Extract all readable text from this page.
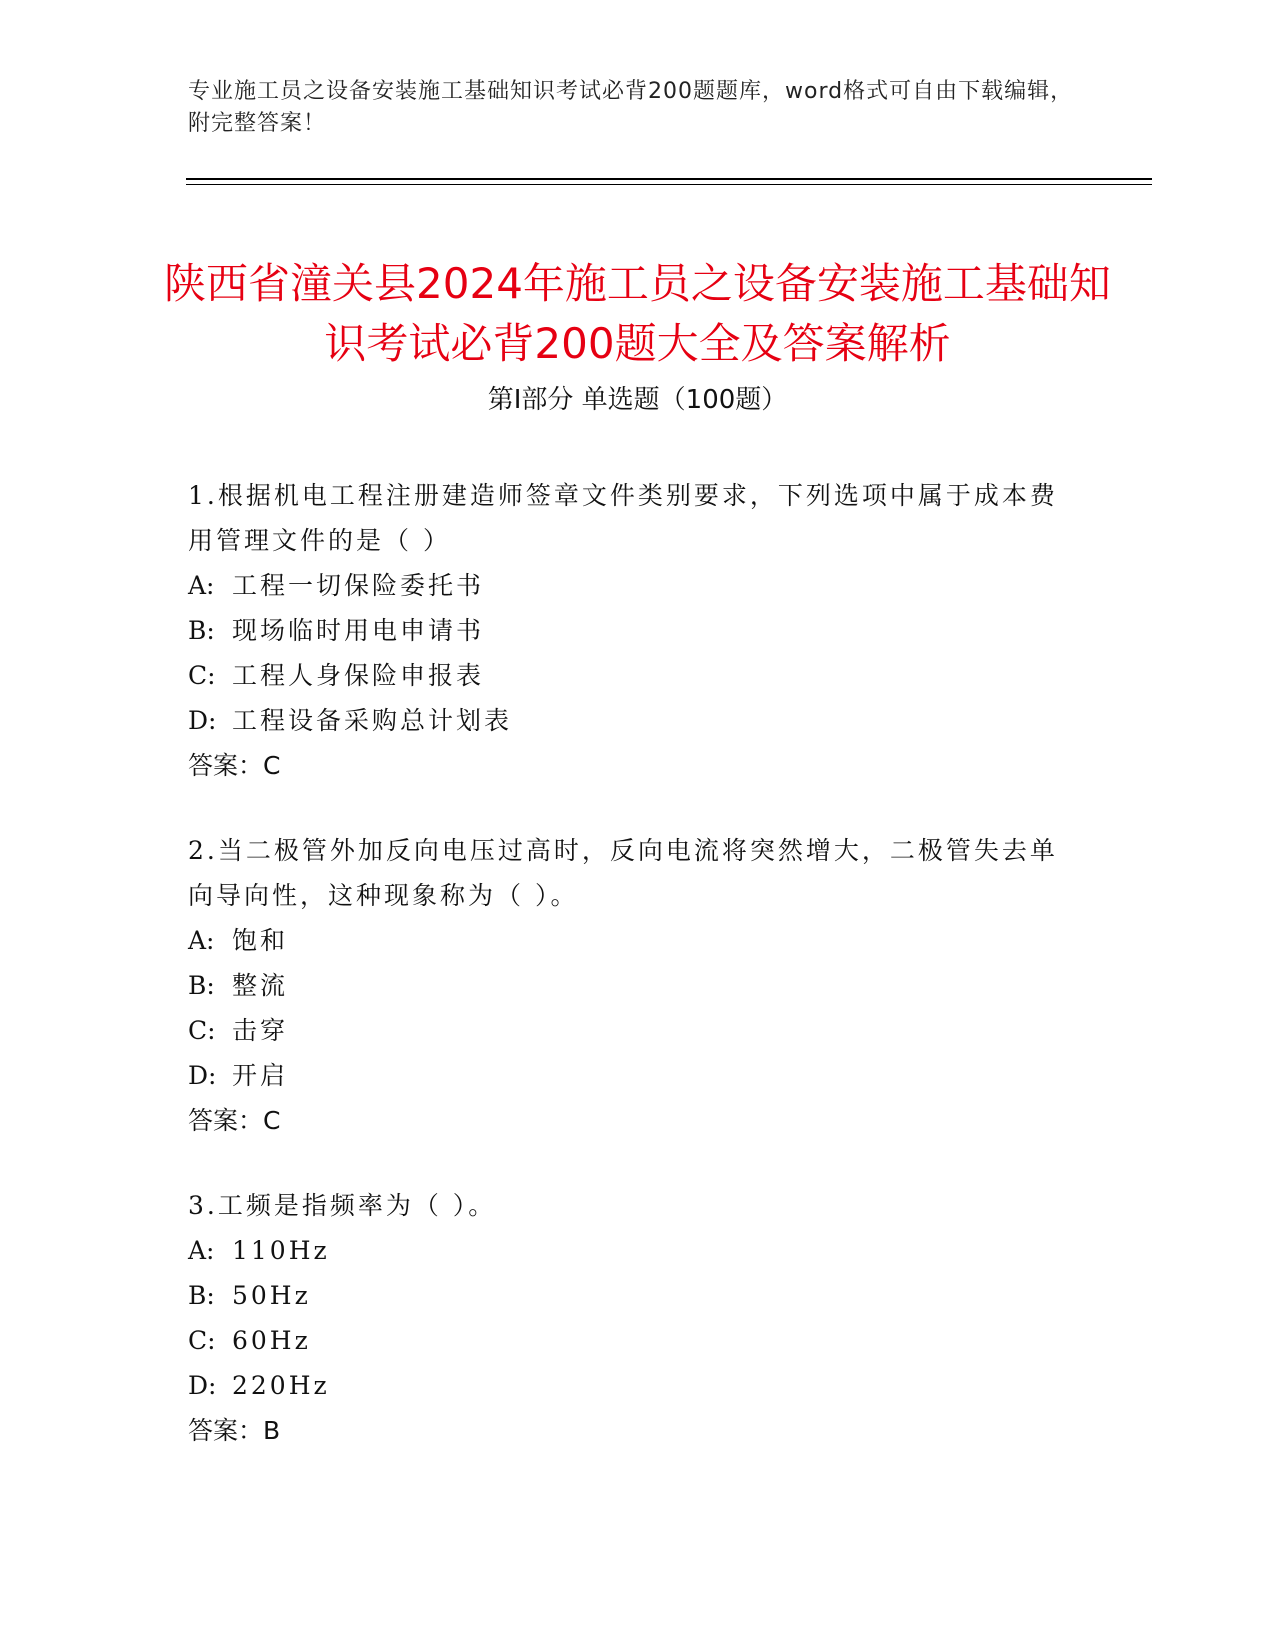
专业施工员之设备安装施工基础知识考试必背200题题库，word格式可自由下载编辑，附完整答案！
陕西省潼关县2024年施工员之设备安装施工基础知识考试必背200题大全及答案解析
第Ⅰ部分 单选题（100题）
1.根据机电工程注册建造师签章文件类别要求，下列选项中属于成本费用管理文件的是（ ）
A: 工程一切保险委托书
B: 现场临时用电申请书
C: 工程人身保险申报表
D: 工程设备采购总计划表
答案：C
2.当二极管外加反向电压过高时，反向电流将突然增大，二极管失去单向导向性，这种现象称为（ ）。
A: 饱和
B: 整流
C: 击穿
D: 开启
答案：C
3.工频是指频率为（ ）。
A: 110Hz
B: 50Hz
C: 60Hz
D: 220Hz
答案：B
